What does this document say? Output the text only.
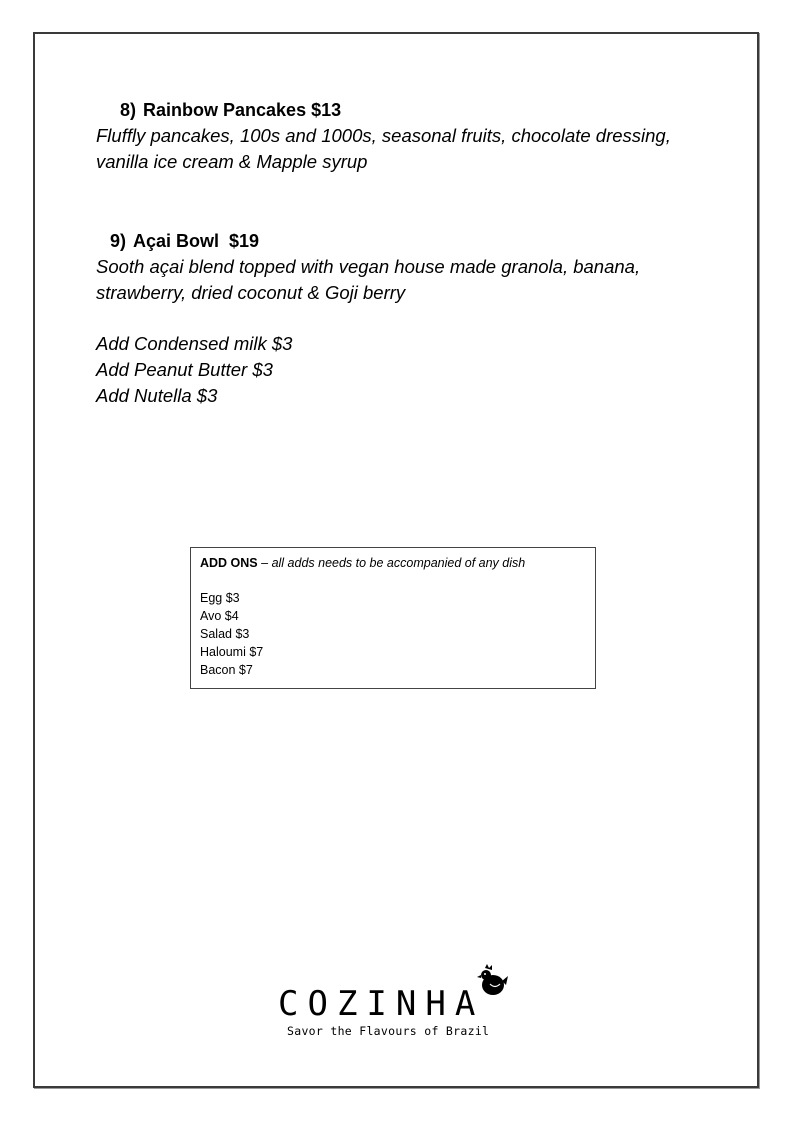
8) Rainbow Pancakes $13
Fluffly pancakes, 100s and 1000s, seasonal fruits, chocolate dressing,
vanilla ice cream & Mapple syrup
9) Açai Bowl  $19
Sooth açai blend topped with vegan house made granola, banana,
strawberry, dried coconut & Goji berry
Add Condensed milk $3
Add Peanut Butter $3
Add Nutella $3
ADD ONS – all adds needs to be accompanied of any dish
Egg $3
Avo $4
Salad $3
Haloumi $7
Bacon $7
COZINHA
Savor the Flavours of Brazil
